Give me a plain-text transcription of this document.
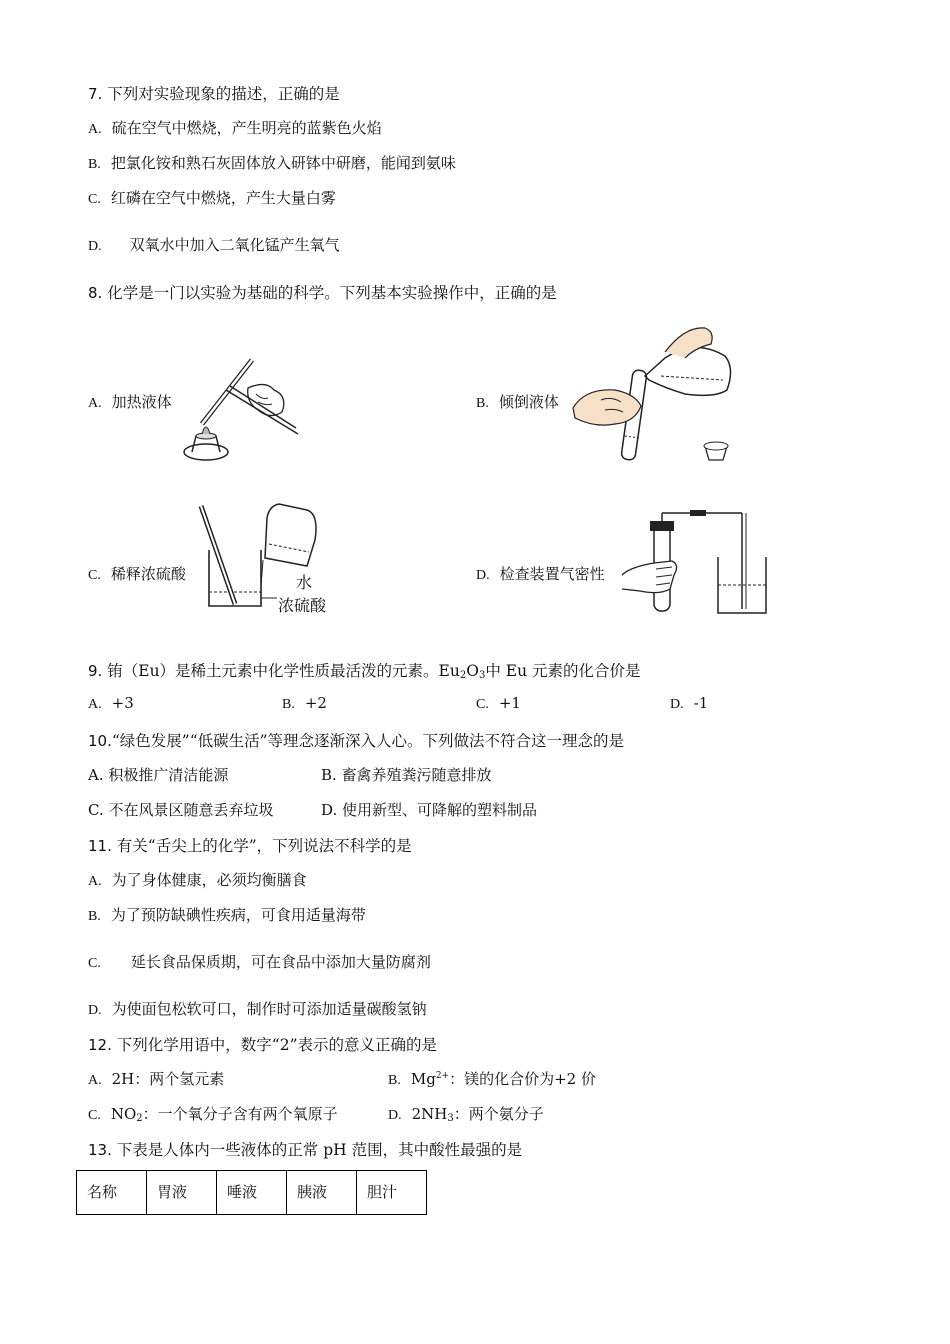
7. 下列对实验现象的描述，正确的是
A. 硫在空气中燃烧，产生明亮的蓝紫色火焰
B. 把氯化铵和熟石灰固体放入研钵中研磨，能闻到氨味
C. 红磷在空气中燃烧，产生大量白雾
D. 双氧水中加入二氧化锰产生氧气
8. 化学是一门以实验为基础的科学。下列基本实验操作中，正确的是
A. 加热液体	B. 倾倒液体
C. 稀释浓硫酸	水
浓硫酸
D. 检查装置气密性
9. 铕（Eu）是稀土元素中化学性质最活泼的元素。$Eu_2O_3$中 Eu 元素的化合价是
A. +3	B. +2	C. +1	D. -1
10.“绿色发展”“低碳生活”等理念逐渐深入人心。下列做法不符合这一理念的是
A. 积极推广清洁能源	B. 畜禽养殖粪污随意排放
C. 不在风景区随意丢弃垃圾	D. 使用新型、可降解的塑料制品
11. 有关“舌尖上的化学”，下列说法不科学的是
A. 为了身体健康，必须均衡膳食
B. 为了预防缺碘性疾病，可食用适量海带
C. 延长食品保质期，可在食品中添加大量防腐剂
D. 为使面包松软可口，制作时可添加适量碳酸氢钠
12. 下列化学用语中，数字“2”表示的意义正确的是
A. 2H：两个氢元素	B. $Mg^{2+}$：镁的化合价为+2 价
C. $NO_2$：一个氧分子含有两个氧原子	D. $2NH_3$：两个氨分子
13. 下表是人体内一些液体的正常 pH 范围，其中酸性最强的是
名称	胃液	唾液	胰液	胆汁
